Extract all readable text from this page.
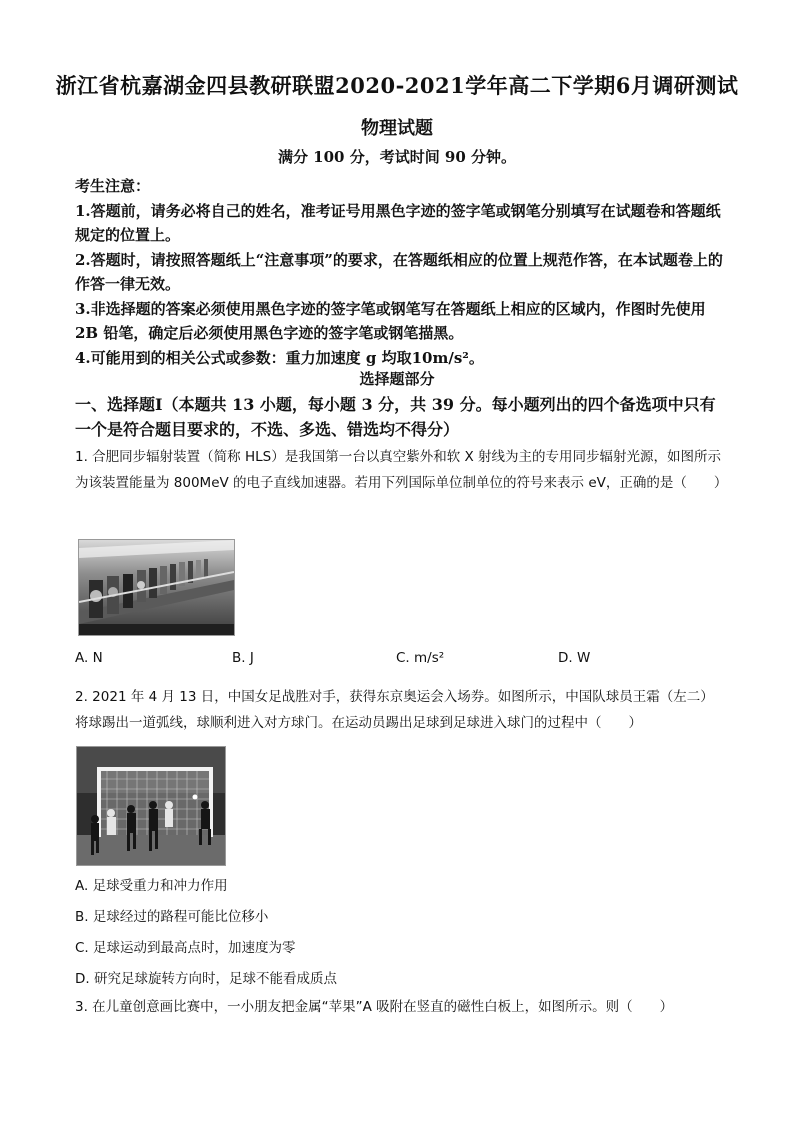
浙江省杭嘉湖金四县教研联盟2020-2021学年高二下学期6月调研测试
物理试题
满分 100 分，考试时间 90 分钟。

考生注意：

1.答题前，请务必将自己的姓名，准考证号用黑色字迹的签字笔或钢笔分别填写在试题卷和答题纸规定的位置上。

2.答题时，请按照答题纸上“注意事项”的要求，在答题纸相应的位置上规范作答，在本试题卷上的作答一律无效。

3.非选择题的答案必须使用黑色字迹的签字笔或钢笔写在答题纸上相应的区域内，作图时先使用 2B 铅笔，确定后必须使用黑色字迹的签字笔或钢笔描黑。

4.可能用到的相关公式或参数：重力加速度 g 均取10m/s²。

选择题部分
一、选择题Ⅰ（本题共 13 小题，每小题 3 分，共 39 分。每小题列出的四个备选项中只有一个是符合题目要求的，不选、多选、错选均不得分）
1. 合肥同步辐射装置（简称 HLS）是我国第一台以真空紫外和软 X 射线为主的专用同步辐射光源，如图所示为该装置能量为 800MeV 的电子直线加速器。若用下列国际单位制单位的符号来表示 eV，正确的是（　　）
A. N	B. J	C. m/s²	D. W
2. 2021 年 4 月 13 日，中国女足战胜对手，获得东京奥运会入场券。如图所示，中国队球员王霜（左二）将球踢出一道弧线，球顺利进入对方球门。在运动员踢出足球到足球进入球门的过程中（　　）
A. 足球受重力和冲力作用
B. 足球经过的路程可能比位移小
C. 足球运动到最高点时，加速度为零
D. 研究足球旋转方向时，足球不能看成质点
3. 在儿童创意画比赛中，一小朋友把金属“苹果”A 吸附在竖直的磁性白板上，如图所示。则（　　）
